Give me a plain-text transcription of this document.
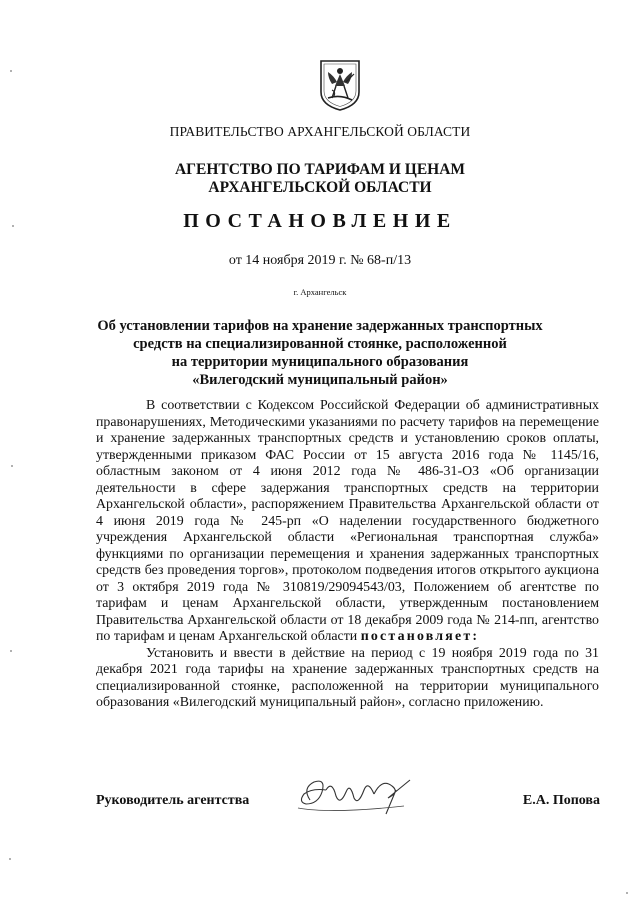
ПРАВИТЕЛЬСТВО АРХАНГЕЛЬСКОЙ ОБЛАСТИ
АГЕНТСТВО ПО ТАРИФАМ И ЦЕНАМ
АРХАНГЕЛЬСКОЙ ОБЛАСТИ
ПОСТАНОВЛЕНИЕ
от 14 ноября 2019 г. № 68-п/13
г. Архангельск
Об установлении тарифов на хранение задержанных транспортных
средств на специализированной стоянке, расположенной
на территории муниципального образования
«Вилегодский муниципальный район»

В соответствии с Кодексом Российской Федерации об административных правонарушениях, Методическими указаниями по расчету тарифов на перемещение и хранение задержанных транспортных средств и установлению сроков оплаты, утвержденными приказом ФАС России от 15 августа 2016 года № 1145/16, областным законом от 4 июня 2012 года № 486-31-ОЗ «Об организации деятельности в сфере задержания транспортных средств на территории Архангельской области», распоряжением Правительства Архангельской области от 4 июня 2019 года № 245-рп «О наделении государственного бюджетного учреждения Архангельской области «Региональная транспортная служба» функциями по организации перемещения и хранения задержанных транспортных средств без проведения торгов», протоколом подведения итогов открытого аукциона от 3 октября 2019 года № 310819/29094543/03, Положением об агентстве по тарифам и ценам Архангельской области, утвержденным постановлением Правительства Архангельской области от 18 декабря 2009 года № 214-пп, агентство по тарифам и ценам Архангельской области постановляет:

Установить и ввести в действие на период с 19 ноября 2019 года по 31 декабря 2021 года тарифы на хранение задержанных транспортных средств на специализированной стоянке, расположенной на территории муниципального образования «Вилегодский муниципальный район», согласно приложению.

Руководитель агентства	Е.А. Попова
